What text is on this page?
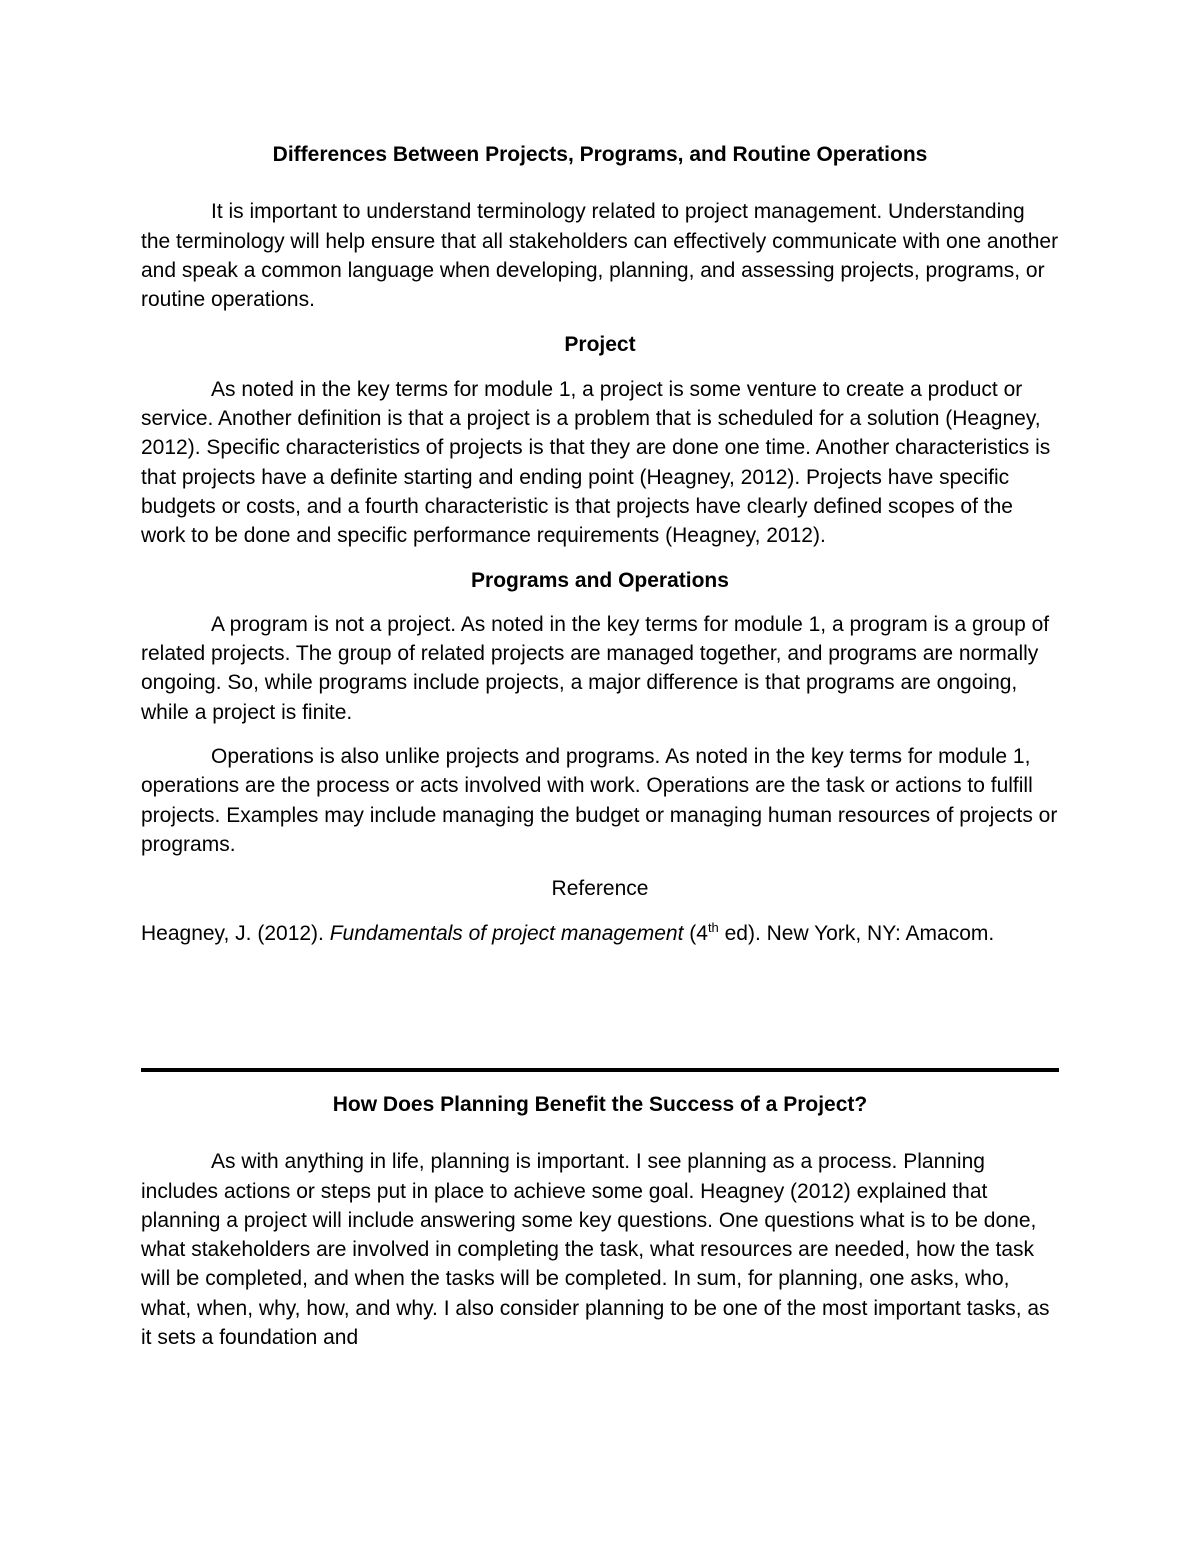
Differences Between Projects, Programs, and Routine Operations

It is important to understand terminology related to project management. Understanding the terminology will help ensure that all stakeholders can effectively communicate with one another and speak a common language when developing, planning, and assessing projects, programs, or routine operations.

Project

As noted in the key terms for module 1, a project is some venture to create a product or service. Another definition is that a project is a problem that is scheduled for a solution (Heagney, 2012). Specific characteristics of projects is that they are done one time. Another characteristics is that projects have a definite starting and ending point (Heagney, 2012). Projects have specific budgets or costs, and a fourth characteristic is that projects have clearly defined scopes of the work to be done and specific performance requirements (Heagney, 2012).

Programs and Operations

A program is not a project. As noted in the key terms for module 1, a program is a group of related projects. The group of related projects are managed together, and programs are normally ongoing. So, while programs include projects, a major difference is that programs are ongoing, while a project is finite.

Operations is also unlike projects and programs. As noted in the key terms for module 1, operations are the process or acts involved with work. Operations are the task or actions to fulfill projects. Examples may include managing the budget or managing human resources of projects or programs.

Reference

Heagney, J. (2012). Fundamentals of project management (4th ed). New York, NY: Amacom.

How Does Planning Benefit the Success of a Project?

As with anything in life, planning is important. I see planning as a process. Planning includes actions or steps put in place to achieve some goal. Heagney (2012) explained that planning a project will include answering some key questions. One questions what is to be done, what stakeholders are involved in completing the task, what resources are needed, how the task will be completed, and when the tasks will be completed. In sum, for planning, one asks, who, what, when, why, how, and why. I also consider planning to be one of the most important tasks, as it sets a foundation and
